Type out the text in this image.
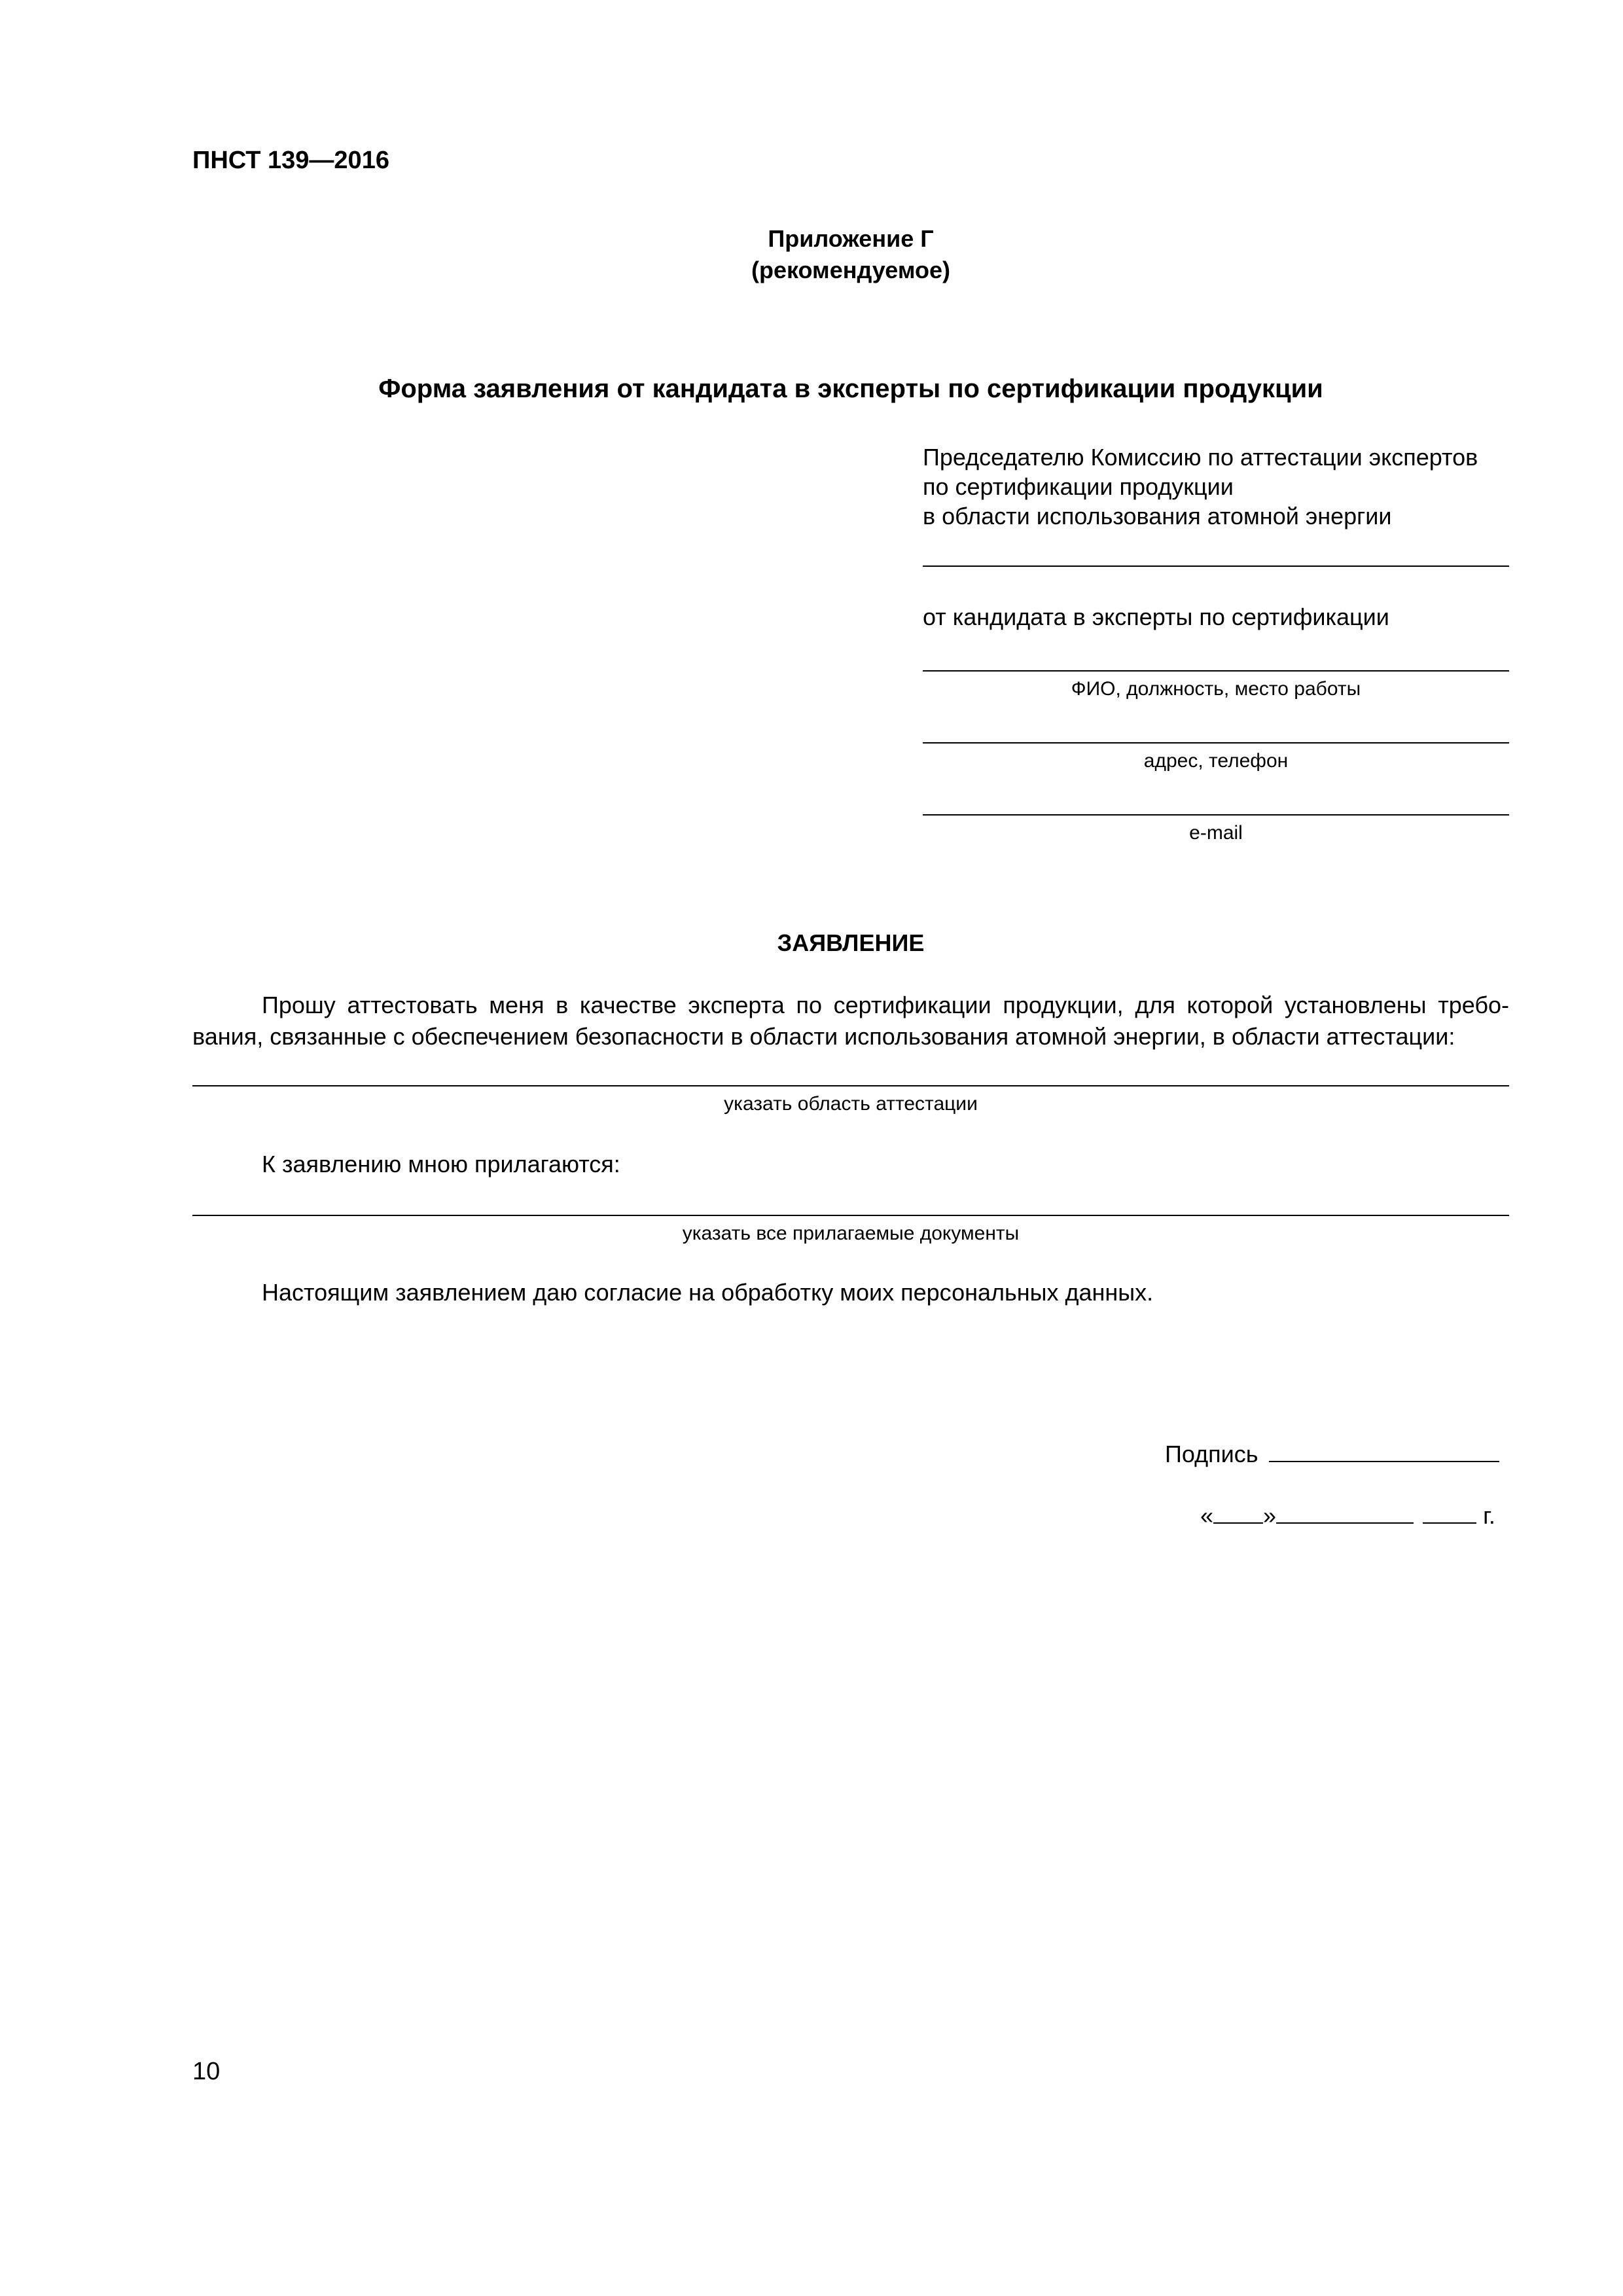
ПНСТ 139—2016
Приложение Г
(рекомендуемое)
Форма заявления от кандидата в эксперты по сертификации продукции
Председателю Комиссию по аттестации экспертов
по сертификации продукции
в области использования атомной энергии
от кандидата в эксперты по сертификации
ФИО, должность, место работы
адрес, телефон
e-mail
ЗАЯВЛЕНИЕ
Прошу аттестовать меня в качестве эксперта по сертификации продукции, для которой установлены требо-
вания, связанные с обеспечением безопасности в области использования атомной энергии, в области аттестации:
указать область аттестации
К заявлению мною прилагаются:
указать все прилагаемые документы
Настоящим заявлением даю согласие на обработку моих персональных данных.
Подпись
« »	г.
10
